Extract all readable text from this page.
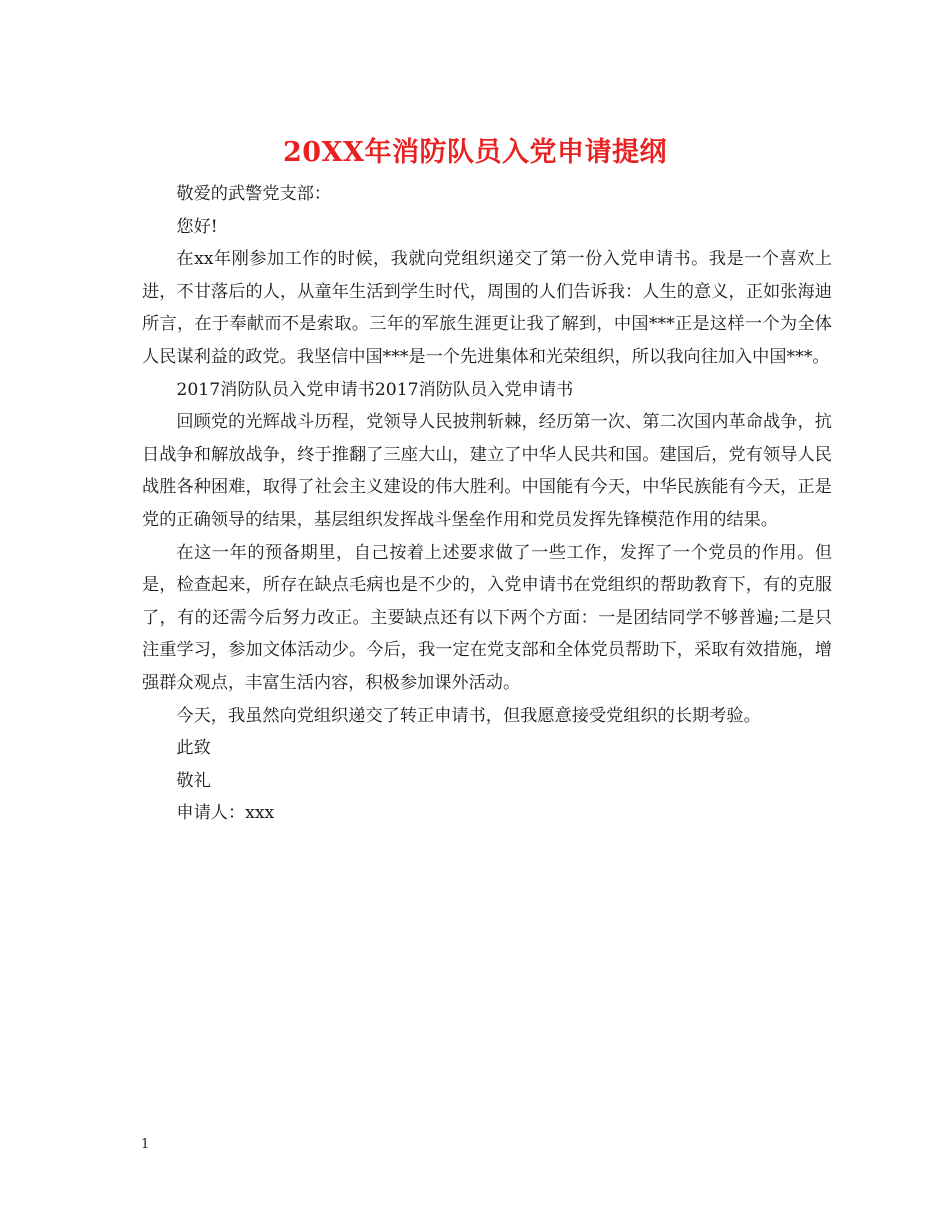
20XX年消防队员入党申请提纲

敬爱的武警党支部：

您好!

在xx年刚参加工作的时候，我就向党组织递交了第一份入党申请书。我是一个喜欢上进，不甘落后的人，从童年生活到学生时代，周围的人们告诉我：人生的意义，正如张海迪所言，在于奉献而不是索取。三年的军旅生涯更让我了解到，中国***正是这样一个为全体人民谋利益的政党。我坚信中国***是一个先进集体和光荣组织，所以我向往加入中国***。

2017消防队员入党申请书2017消防队员入党申请书

回顾党的光辉战斗历程，党领导人民披荆斩棘，经历第一次、第二次国内革命战争，抗日战争和解放战争，终于推翻了三座大山，建立了中华人民共和国。建国后，党有领导人民战胜各种困难，取得了社会主义建设的伟大胜利。中国能有今天，中华民族能有今天，正是党的正确领导的结果，基层组织发挥战斗堡垒作用和党员发挥先锋模范作用的结果。

在这一年的预备期里，自己按着上述要求做了一些工作，发挥了一个党员的作用。但是，检查起来，所存在缺点毛病也是不少的，入党申请书在党组织的帮助教育下，有的克服了，有的还需今后努力改正。主要缺点还有以下两个方面：一是团结同学不够普遍;二是只注重学习，参加文体活动少。今后，我一定在党支部和全体党员帮助下，采取有效措施，增强群众观点，丰富生活内容，积极参加课外活动。

今天，我虽然向党组织递交了转正申请书，但我愿意接受党组织的长期考验。

此致

敬礼

申请人：xxx

1
